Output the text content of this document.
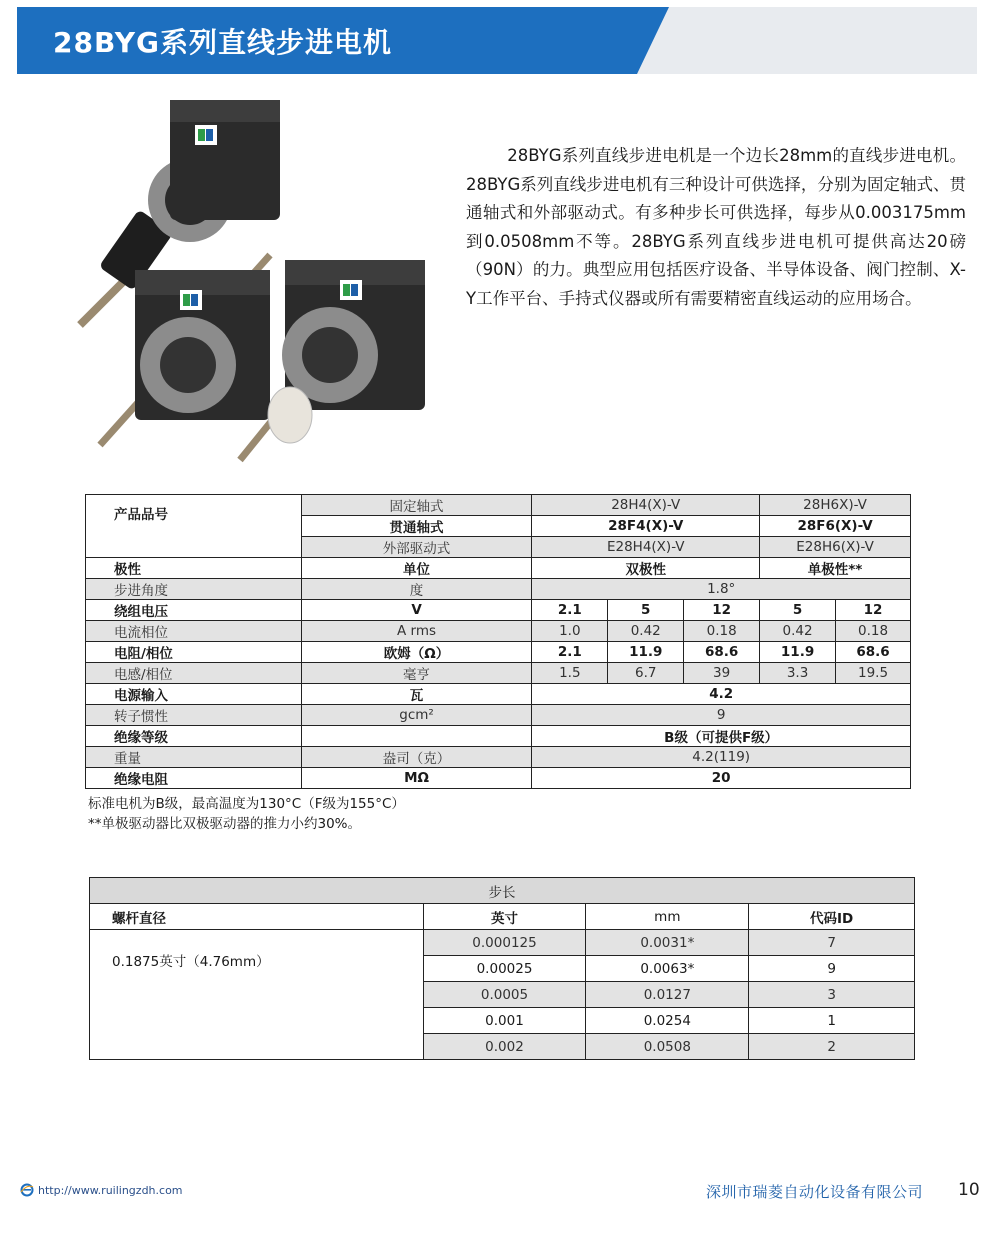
28BYG系列直线步进电机

28BYG系列直线步进电机是一个边长28mm的直线步进电机。28BYG系列直线步进电机有三种设计可供选择，分别为固定轴式、贯通轴式和外部驱动式。有多种步长可供选择，每步从0.003175mm到0.0508mm不等。28BYG系列直线步进电机可提供高达20磅（90N）的力。典型应用包括医疗设备、半导体设备、阀门控制、X-Y工作平台、手持式仪器或所有需要精密直线运动的应用场合。

产品品号	固定轴式	28H4(X)-V			28H6X)-V	
	贯通轴式	28F4(X)-V			28F6(X)-V	
	外部驱动式	E28H4(X)-V			E28H6(X)-V	
极性	单位	双极性			单极性**	
步进角度	度	1.8°				
绕组电压	V	2.1	5	12	5	12
电流相位	A rms	1.0	0.42	0.18	0.42	0.18
电阻/相位	欧姆（Ω）	2.1	11.9	68.6	11.9	68.6
电感/相位	毫亨	1.5	6.7	39	3.3	19.5
电源输入	瓦	4.2				
转子惯性	gcm²	9				
绝缘等级		B级（可提供F级）				
重量	盎司（克）	4.2(119)				
绝缘电阻	MΩ	20				
标准电机为B级，最高温度为130°C（F级为155°C）
**单极驱动器比双极驱动器的推力小约30%。
步长			
螺杆直径	英寸	mm	代码ID
0.1875英寸（4.76mm）	0.000125	0.0031*	7
	0.00025	0.0063*	9
	0.0005	0.0127	3
	0.001	0.0254	1
	0.002	0.0508	2
http://www.ruilingzdh.com	深圳市瑞菱自动化设备有限公司 10
